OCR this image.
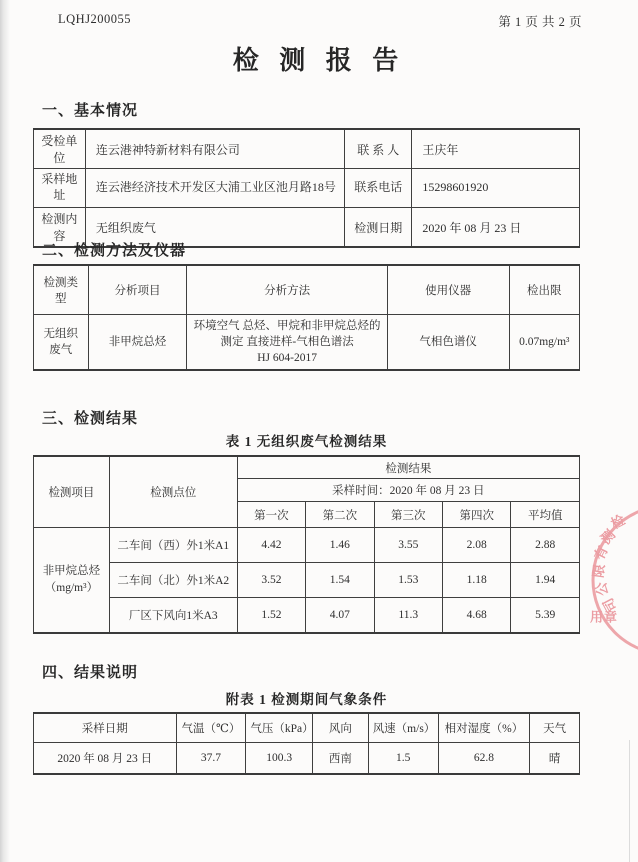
LQHJ200055	第 1 页 共 2 页
检 测 报 告
一、基本情况
受检单位	连云港神特新材料有限公司	联 系 人	王庆年
采样地址	连云港经济技术开发区大浦工业区池月路18号	联系电话	15298601920
检测内容	无组织废气	检测日期	2020 年 08 月 23 日
二、检测方法及仪器
检测类型	分析项目	分析方法	使用仪器	检出限
无组织废气	非甲烷总烃	环境空气 总烃、甲烷和非甲烷总烃的
测定 直接进样-气相色谱法
HJ 604-2017	气相色谱仪	0.07mg/m³
三、检测结果
表 1 无组织废气检测结果
检测项目	检测点位	检测结果				
		采样时间：2020 年 08 月 23 日				
		第一次	第二次	第三次	第四次	平均值

非甲烷总烃
（mg/m³）	二车间（西）外1米A1	4.42	1.46	3.55	2.08	2.88
	二车间（北）外1米A2	3.52	1.54	1.53	1.18	1.94
	厂区下风向1米A3	1.52	4.07	11.3	4.68	5.39
四、结果说明
附表 1 检测期间气象条件
采样日期	气温（℃）	气压（kPa）	风向	风速（m/s）	相对湿度（%）	天气
2020 年 08 月 23 日	37.7	100.3	西南	1.5	62.8	晴
检
测
有
限
公
司
用章
